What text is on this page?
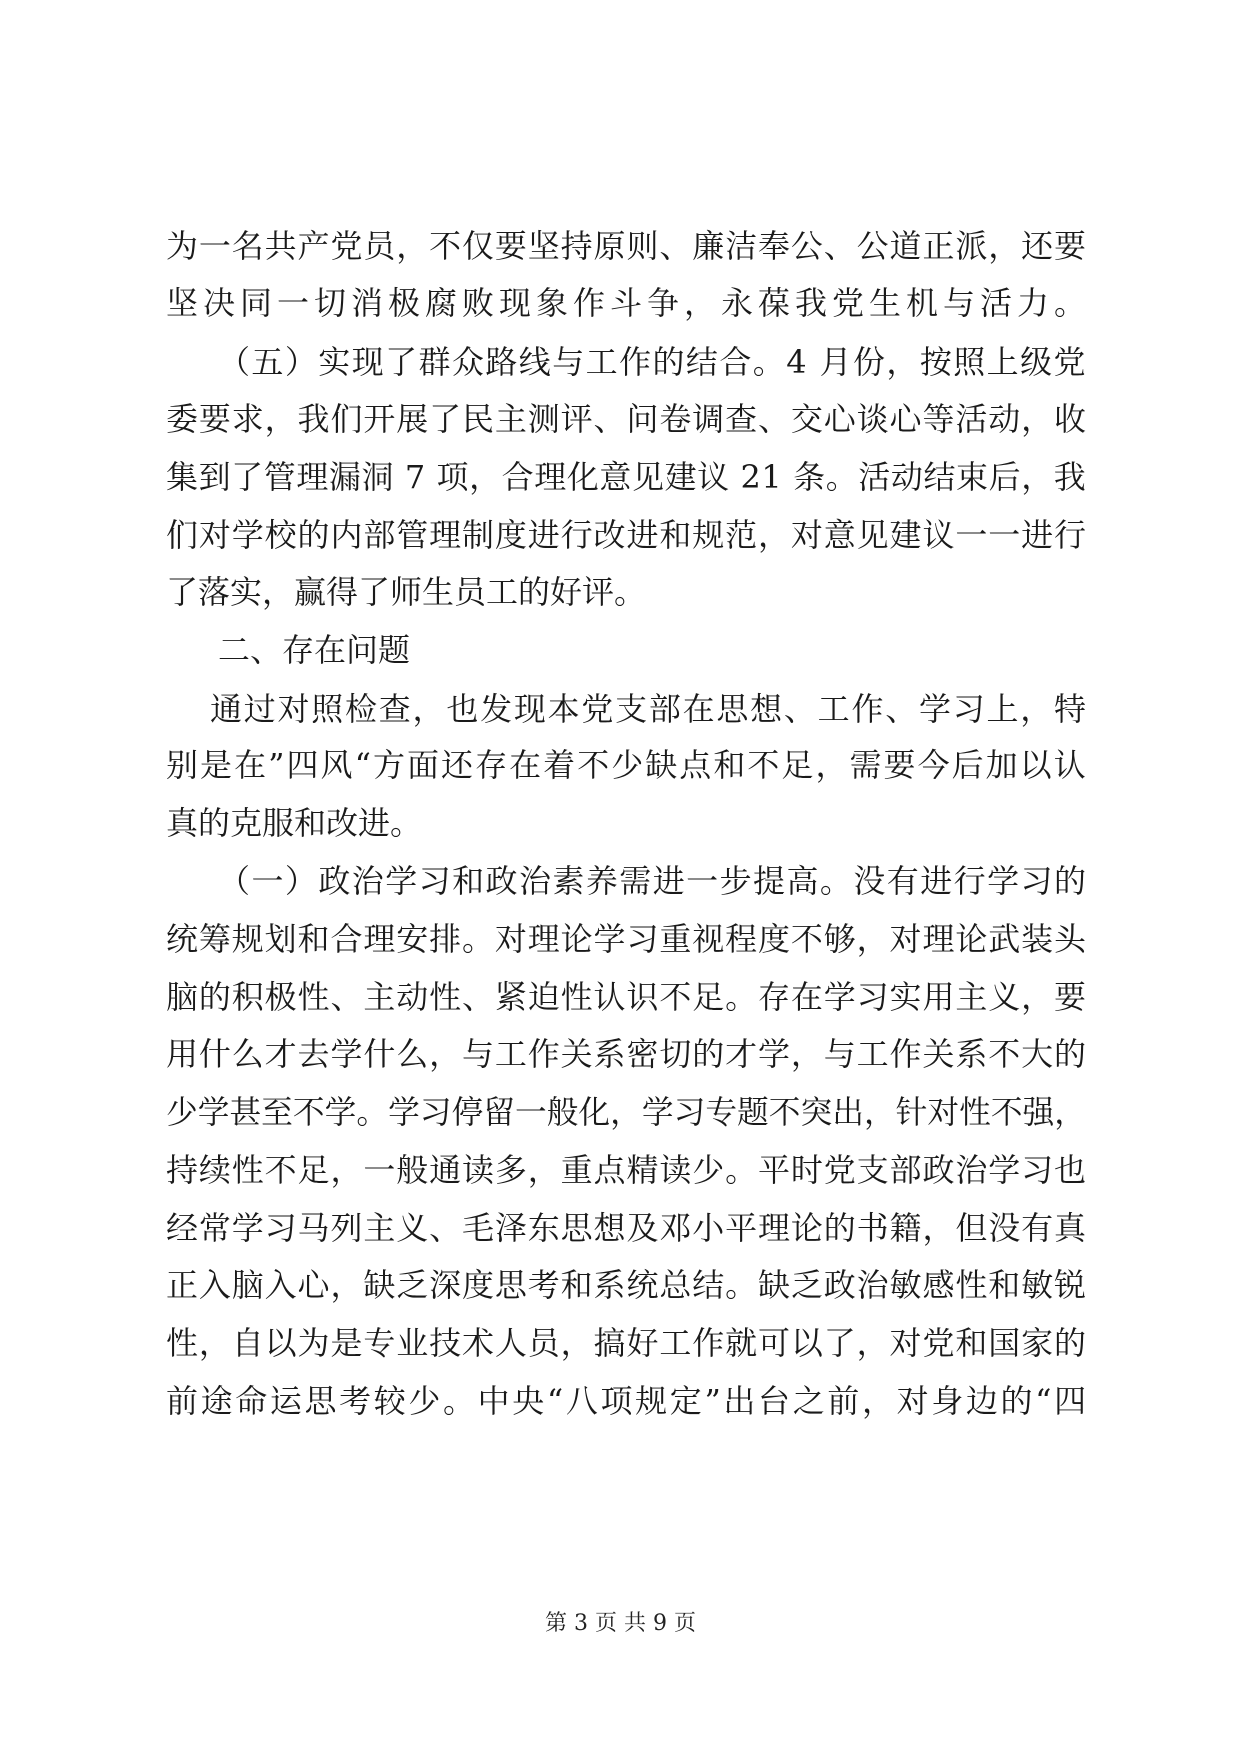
为一名共产党员，不仅要坚持原则、廉洁奉公、公道正派，还要
坚决同一切消极腐败现象作斗争，永葆我党生机与活力。
（五）实现了群众路线与工作的结合。4 月份，按照上级党
委要求，我们开展了民主测评、问卷调查、交心谈心等活动，收
集到了管理漏洞 7 项，合理化意见建议 21 条。活动结束后，我
们对学校的内部管理制度进行改进和规范，对意见建议一一进行
了落实，赢得了师生员工的好评。
二、存在问题
通过对照检查，也发现本党支部在思想、工作、学习上，特
别是在”四风“方面还存在着不少缺点和不足，需要今后加以认
真的克服和改进。
（一）政治学习和政治素养需进一步提高。没有进行学习的
统筹规划和合理安排。对理论学习重视程度不够，对理论武装头
脑的积极性、主动性、紧迫性认识不足。存在学习实用主义，要
用什么才去学什么，与工作关系密切的才学，与工作关系不大的
少学甚至不学。学习停留一般化，学习专题不突出，针对性不强，
持续性不足，一般通读多，重点精读少。平时党支部政治学习也
经常学习马列主义、毛泽东思想及邓小平理论的书籍，但没有真
正入脑入心，缺乏深度思考和系统总结。缺乏政治敏感性和敏锐
性，自以为是专业技术人员，搞好工作就可以了，对党和国家的
前途命运思考较少。中央“八项规定”出台之前，对身边的“四
第 3 页 共 9 页
